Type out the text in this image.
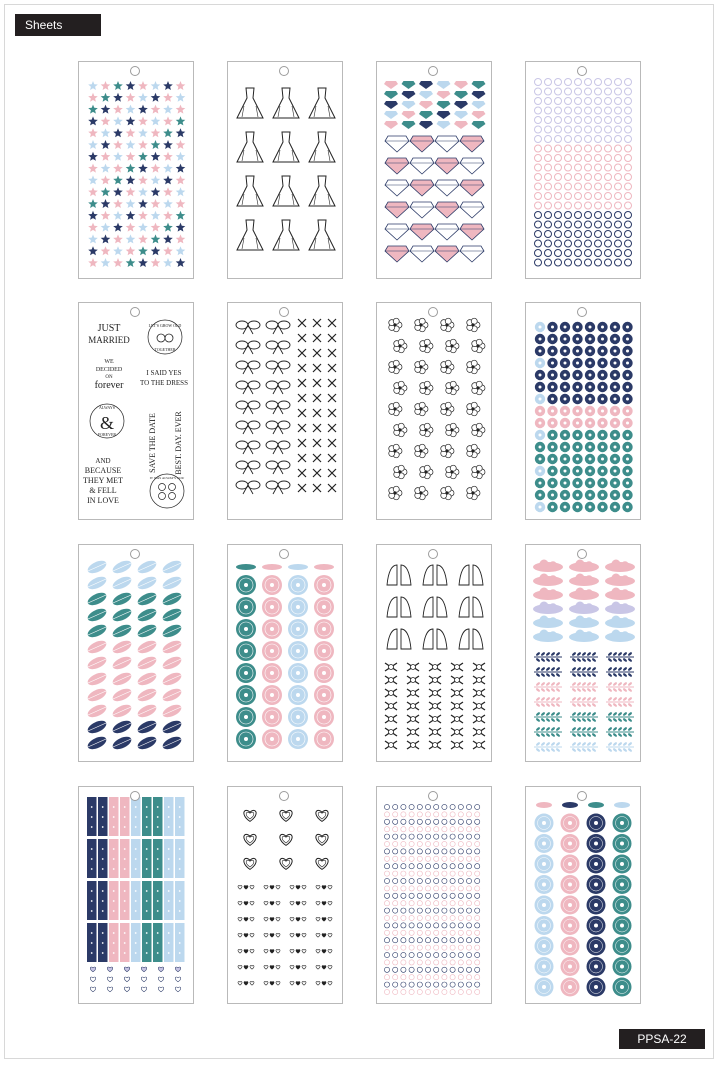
Sheets
PPSA-22
JUST
MARRIED
LET'S GROW OLD
TOGETHER
WE
DECIDED
ON
forever
I SAID YES
TO THE DRESS
ALWAYS
&
FOREVER	SAVE THE DATE BEST. DAY. EVER
AND
BECAUSE
THEY MET
& FELL
IN LOVE
IT WAS ALWAYS YOU
